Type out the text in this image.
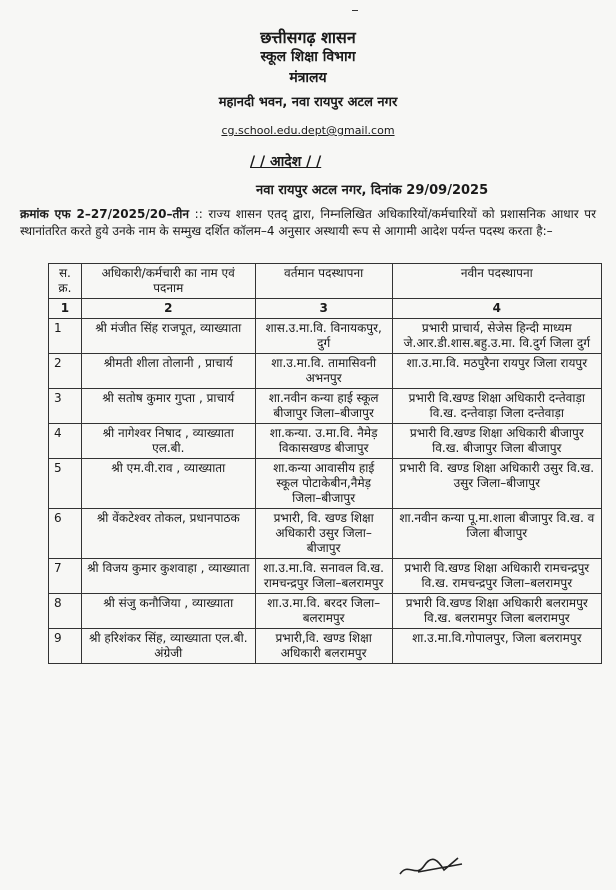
छत्तीसगढ़ शासन
स्कूल शिक्षा विभाग
मंत्रालय
महानदी भवन, नवा रायपुर अटल नगर
cg.school.edu.dept@gmail.com
/ / आदेश / /
नवा रायपुर अटल नगर, दिनांक 29/09/2025
क्रमांक एफ 2–27/2025/20–तीन :: राज्य शासन एतद् द्वारा, निम्नलिखित अधिकारियों/कर्मचारियों को प्रशासनिक आधार पर स्थानांतरित करते हुये उनके नाम के सम्मुख दर्शित कॉलम–4 अनुसार अस्थायी रूप से आगामी आदेश पर्यन्त पदस्थ करता है:–
स. क्र.	अधिकारी/कर्मचारी का नाम एवं पदनाम	वर्तमान पदस्थापना	नवीन पदस्थापना
1	2	3	4
1	श्री मंजीत सिंह राजपूत, व्याख्याता	शास.उ.मा.वि. विनायकपुर, दुर्ग	प्रभारी प्राचार्य, सेजेस हिन्दी माध्यम जे.आर.डी.शास.बहु.उ.मा. वि.दुर्ग जिला दुर्ग
2	श्रीमती शीला तोलानी , प्राचार्य	शा.उ.मा.वि. तामासिवनी अभनपुर	शा.उ.मा.वि. मठपुरैना रायपुर जिला रायपुर
3	श्री सतोष कुमार गुप्ता , प्राचार्य	शा.नवीन कन्या हाई स्कूल बीजापुर जिला–बीजापुर	प्रभारी वि.खण्ड शिक्षा अधिकारी दन्तेवाड़ा वि.ख. दन्तेवाड़ा जिला दन्तेवाड़ा
4	श्री नागेश्वर निषाद , व्याख्याता एल.बी.	शा.कन्या. उ.मा.वि. नैमेड़ विकासखण्ड बीजापुर	प्रभारी वि.खण्ड शिक्षा अधिकारी बीजापुर वि.ख. बीजापुर जिला बीजापुर
5	श्री एम.वी.राव , व्याख्याता	शा.कन्या आवासीय हाई स्कूल पोटाकेबीन,नैमेड़ जिला–बीजापुर	प्रभारी वि. खण्ड शिक्षा अधिकारी उसुर वि.ख. उसुर जिला–बीजापुर
6	श्री वेंकटेश्वर तोकल, प्रधानपाठक	प्रभारी, वि. खण्ड शिक्षा अधिकारी उसुर जिला–बीजापुर	शा.नवीन कन्या पू.मा.शाला बीजापुर वि.ख. व जिला बीजापुर
7	श्री विजय कुमार कुशवाहा , व्याख्याता	शा.उ.मा.वि. सनावल वि.ख. रामचन्द्रपुर जिला–बलरामपुर	प्रभारी वि.खण्ड शिक्षा अधिकारी रामचन्द्रपुर वि.ख. रामचन्द्रपुर जिला–बलरामपुर
8	श्री संजु कनौजिया , व्याख्याता	शा.उ.मा.वि. बरदर जिला–बलरामपुर	प्रभारी वि.खण्ड शिक्षा अधिकारी बलरामपुर वि.ख. बलरामपुर जिला बलरामपुर
9	श्री हरिशंकर सिंह, व्याख्याता एल.बी. अंग्रेजी	प्रभारी,वि. खण्ड शिक्षा अधिकारी बलरामपुर	शा.उ.मा.वि.गोपालपुर, जिला बलरामपुर
